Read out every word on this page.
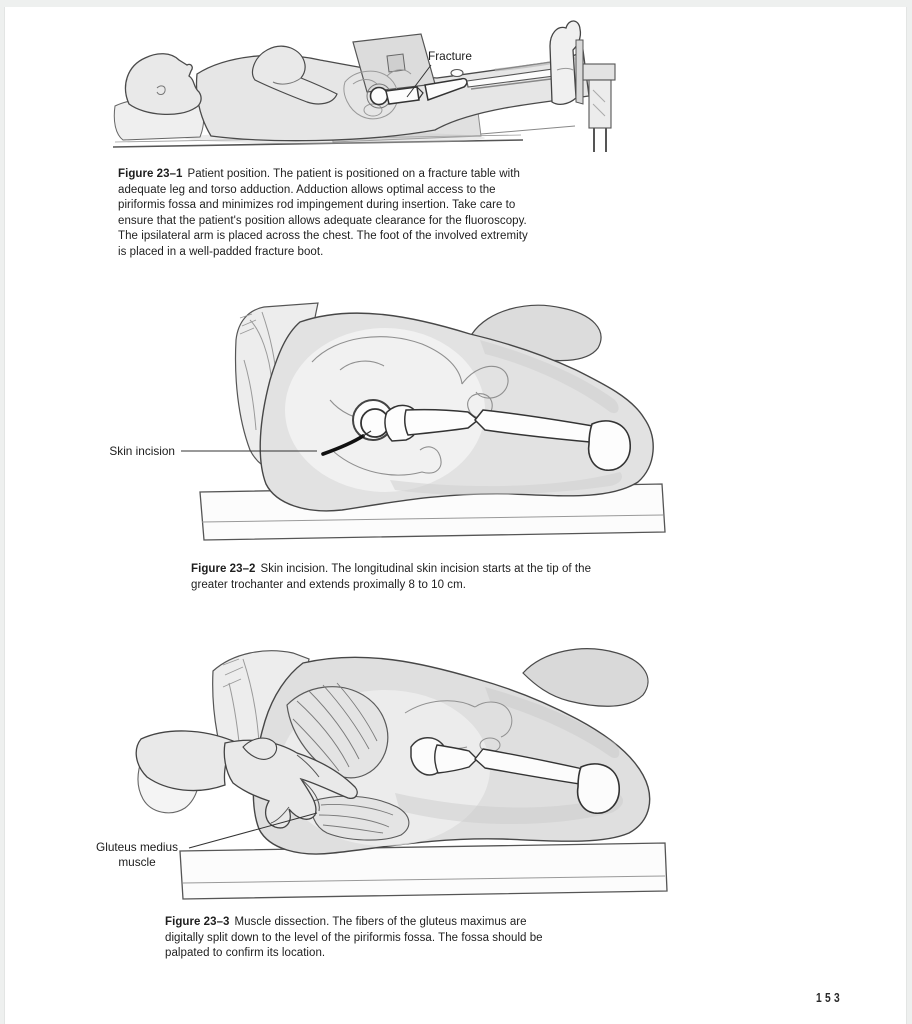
Fracture
Figure 23–1 Patient position. The patient is positioned on a fracture table with adequate leg and torso adduction. Adduction allows optimal access to the piriformis fossa and minimizes rod impingement during insertion. Take care to ensure that the patient's position allows adequate clearance for the fluoroscopy. The ipsilateral arm is placed across the chest. The foot of the involved extremity is placed in a well-padded fracture boot.
Skin incision
Figure 23–2 Skin incision. The longitudinal skin incision starts at the tip of the greater trochanter and extends proximally 8 to 10 cm.
Gluteus medius
muscle
Figure 23–3 Muscle dissection. The fibers of the gluteus maximus are digitally split down to the level of the piriformis fossa. The fossa should be palpated to confirm its location.
153
